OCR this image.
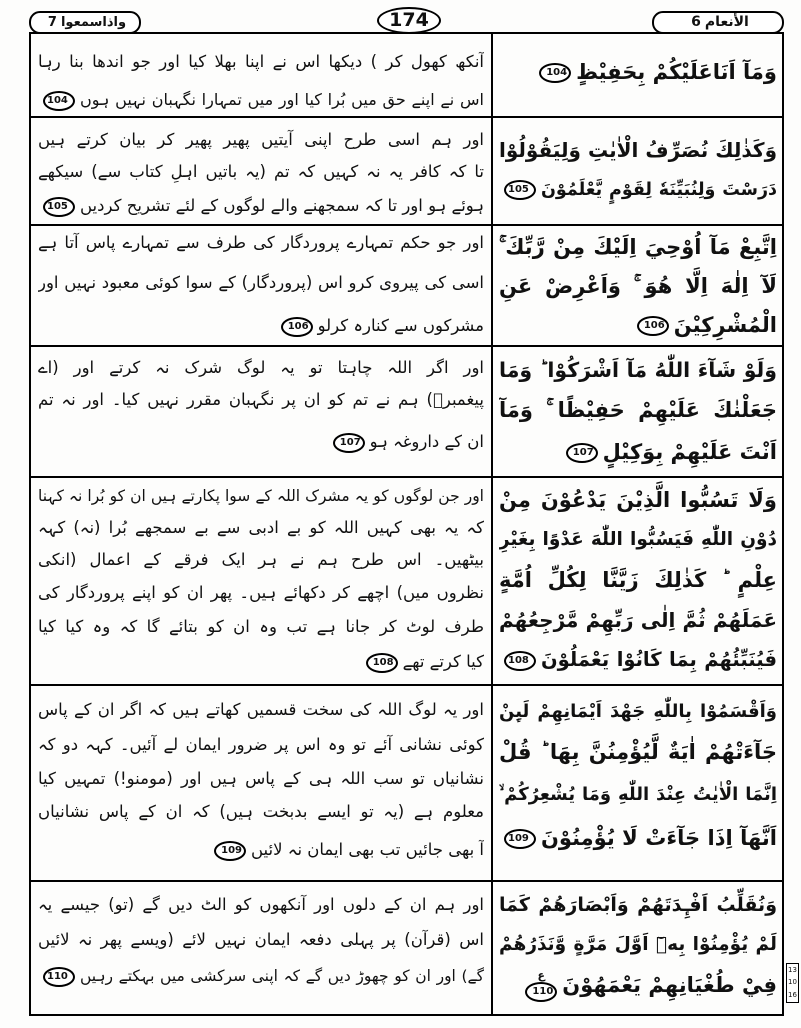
واذاسمعوا7	174	الأنعام6
وَمَآ اَنَاعَلَيْكُمْ بِحَفِيْظٍ104
آنکھ کھول کر ) دیکھا اس نے اپنا بھلا کیا اور جو اندھا بنا رہا
اس نے اپنے حق میں بُرا کیا اور میں تمہارا نگہبان نہیں ہوں104
وَكَذٰلِكَ نُصَرِّفُ الْاٰيٰتِ وَلِيَقُوْلُوْا
دَرَسْتَ وَلِنُبَيِّنَهٗ لِقَوْمٍ يَّعْلَمُوْنَ105
اور ہم اسی طرح اپنی آیتیں پھیر پھیر کر بیان کرتے ہیں
تا کہ کافر یہ نہ کہیں کہ تم (یہ باتیں اہلِ کتاب سے) سیکھے
ہوئے ہو اور تا کہ سمجھنے والے لوگوں کے لئے تشریح کردیں105
اِتَّبِعْ مَآ اُوْحِيَ اِلَيْكَ مِنْ رَّبِّكَ ۚ
لَآ اِلٰهَ اِلَّا هُوَ ۚ وَاَعْرِضْ عَنِ
الْمُشْرِكِيْنَ106
اور جو حکم تمہارے پروردگار کی طرف سے تمہارے پاس آتا ہے
اسی کی پیروی کرو اس (پروردگار) کے سوا کوئی معبود نہیں اور
مشرکوں سے کنارہ کرلو106
وَلَوْ شَآءَ اللّٰهُ مَآ اَشْرَكُوْا ؕ وَمَا
جَعَلْنٰكَ عَلَيْهِمْ حَفِيْظًا ۚ وَمَآ
اَنْتَ عَلَيْهِمْ بِوَكِيْلٍ107
اور اگر اللہ چاہتا تو یہ لوگ شرک نہ کرتے اور (اے
پیغمبرؐ) ہم نے تم کو ان پر نگہبان مقرر نہیں کیا۔ اور نہ تم
ان کے داروغہ ہو107
وَلَا تَسُبُّوا الَّذِيْنَ يَدْعُوْنَ مِنْ
دُوْنِ اللّٰهِ فَيَسُبُّوا اللّٰهَ عَدْوًا بِغَيْرِ
عِلْمٍ ؕ كَذٰلِكَ زَيَّنَّا لِكُلِّ اُمَّةٍ
عَمَلَهُمْ ثُمَّ اِلٰى رَبِّهِمْ مَّرْجِعُهُمْ
فَيُنَبِّئُهُمْ بِمَا كَانُوْا يَعْمَلُوْنَ108
اور جن لوگوں کو یہ مشرک اللہ کے سوا پکارتے ہیں ان کو بُرا نہ کہنا
کہ یہ بھی کہیں اللہ کو بے ادبی سے بے سمجھے بُرا (نہ) کہہ
بیٹھیں۔ اس طرح ہم نے ہر ایک فرقے کے اعمال (انکی
نظروں میں) اچھے کر دکھائے ہیں۔ پھر ان کو اپنے پروردگار کی
طرف لوٹ کر جانا ہے تب وہ ان کو بتائے گا کہ وہ کیا کیا
کیا کرتے تھے108
وَاَقْسَمُوْا بِاللّٰهِ جَهْدَ اَيْمَانِهِمْ لَىِٕنْ
جَآءَتْهُمْ اٰيَةٌ لَّيُؤْمِنُنَّ بِهَا ؕ قُلْ
اِنَّمَا الْاٰيٰتُ عِنْدَ اللّٰهِ وَمَا يُشْعِرُكُمْ ۙ
اَنَّهَآ اِذَا جَآءَتْ لَا يُؤْمِنُوْنَ109
اور یہ لوگ اللہ کی سخت قسمیں کھاتے ہیں کہ اگر ان کے پاس
کوئی نشانی آئے تو وہ اس پر ضرور ایمان لے آئیں۔ کہہ دو کہ
نشانیاں تو سب اللہ ہی کے پاس ہیں اور (مومنو!) تمہیں کیا
معلوم ہے (یہ تو ایسے بدبخت ہیں) کہ ان کے پاس نشانیاں
آ بھی جائیں تب بھی ایمان نہ لائیں109
وَنُقَلِّبُ اَفْـِٕدَتَهُمْ وَاَبْصَارَهُمْ كَمَا
لَمْ يُؤْمِنُوْا بِهٖٓ اَوَّلَ مَرَّةٍ وَّنَذَرُهُمْ
فِيْ طُغْيَانِهِمْ يَعْمَهُوْنَ
ع
110
اور ہم ان کے دلوں اور آنکھوں کو الٹ دیں گے (تو) جیسے یہ
اس (قرآن) پر پہلی دفعہ ایمان نہیں لائے (ویسے پھر نہ لائیں
گے) اور ان کو چھوڑ دیں گے کہ اپنی سرکشی میں بہکتے رہیں110
13
10
16
